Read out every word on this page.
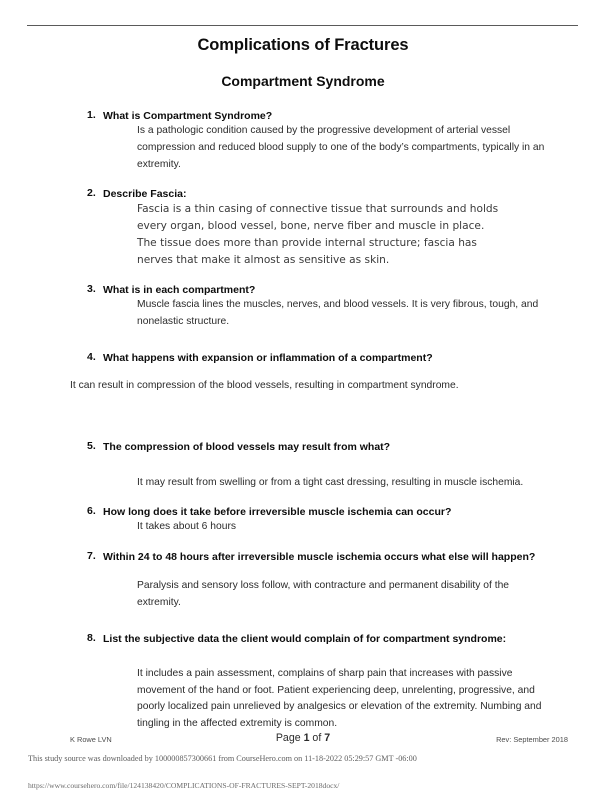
Complications of Fractures
Compartment Syndrome
1. What is Compartment Syndrome?

Is a pathologic condition caused by the progressive development of arterial vessel compression and reduced blood supply to one of the body’s compartments, typically in an extremity.

2. Describe Fascia:

Fascia is a thin casing of connective tissue that surrounds and holds every organ, blood vessel, bone, nerve fiber and muscle in place. The tissue does more than provide internal structure; fascia has nerves that make it almost as sensitive as skin.

3. What is in each compartment?

Muscle fascia lines the muscles, nerves, and blood vessels. It is very fibrous, tough, and nonelastic structure.

4. What happens with expansion or inflammation of a compartment?

It can result in compression of the blood vessels, resulting in compartment syndrome.

5. The compression of blood vessels may result from what?

It may result from swelling or from a tight cast dressing, resulting in muscle ischemia.

6. How long does it take before irreversible muscle ischemia can occur?

It takes about 6 hours

7. Within 24 to 48 hours after irreversible muscle ischemia occurs what else will happen?

Paralysis and sensory loss follow, with contracture and permanent disability of the extremity.

8. List the subjective data the client would complain of for compartment syndrome:

It includes a pain assessment, complains of sharp pain that increases with passive movement of the hand or foot. Patient experiencing deep, unrelenting, progressive, and poorly localized pain unrelieved by analgesics or elevation of the extremity. Numbing and tingling in the affected extremity is common.

K Rowe LVN	Page 1 of 7	Rev: September 2018
This study source was downloaded by 100000857300661 from CourseHero.com on 11-18-2022 05:29:57 GMT -06:00
https://www.coursehero.com/file/124138420/COMPLICATIONS-OF-FRACTURES-SEPT-2018docx/
